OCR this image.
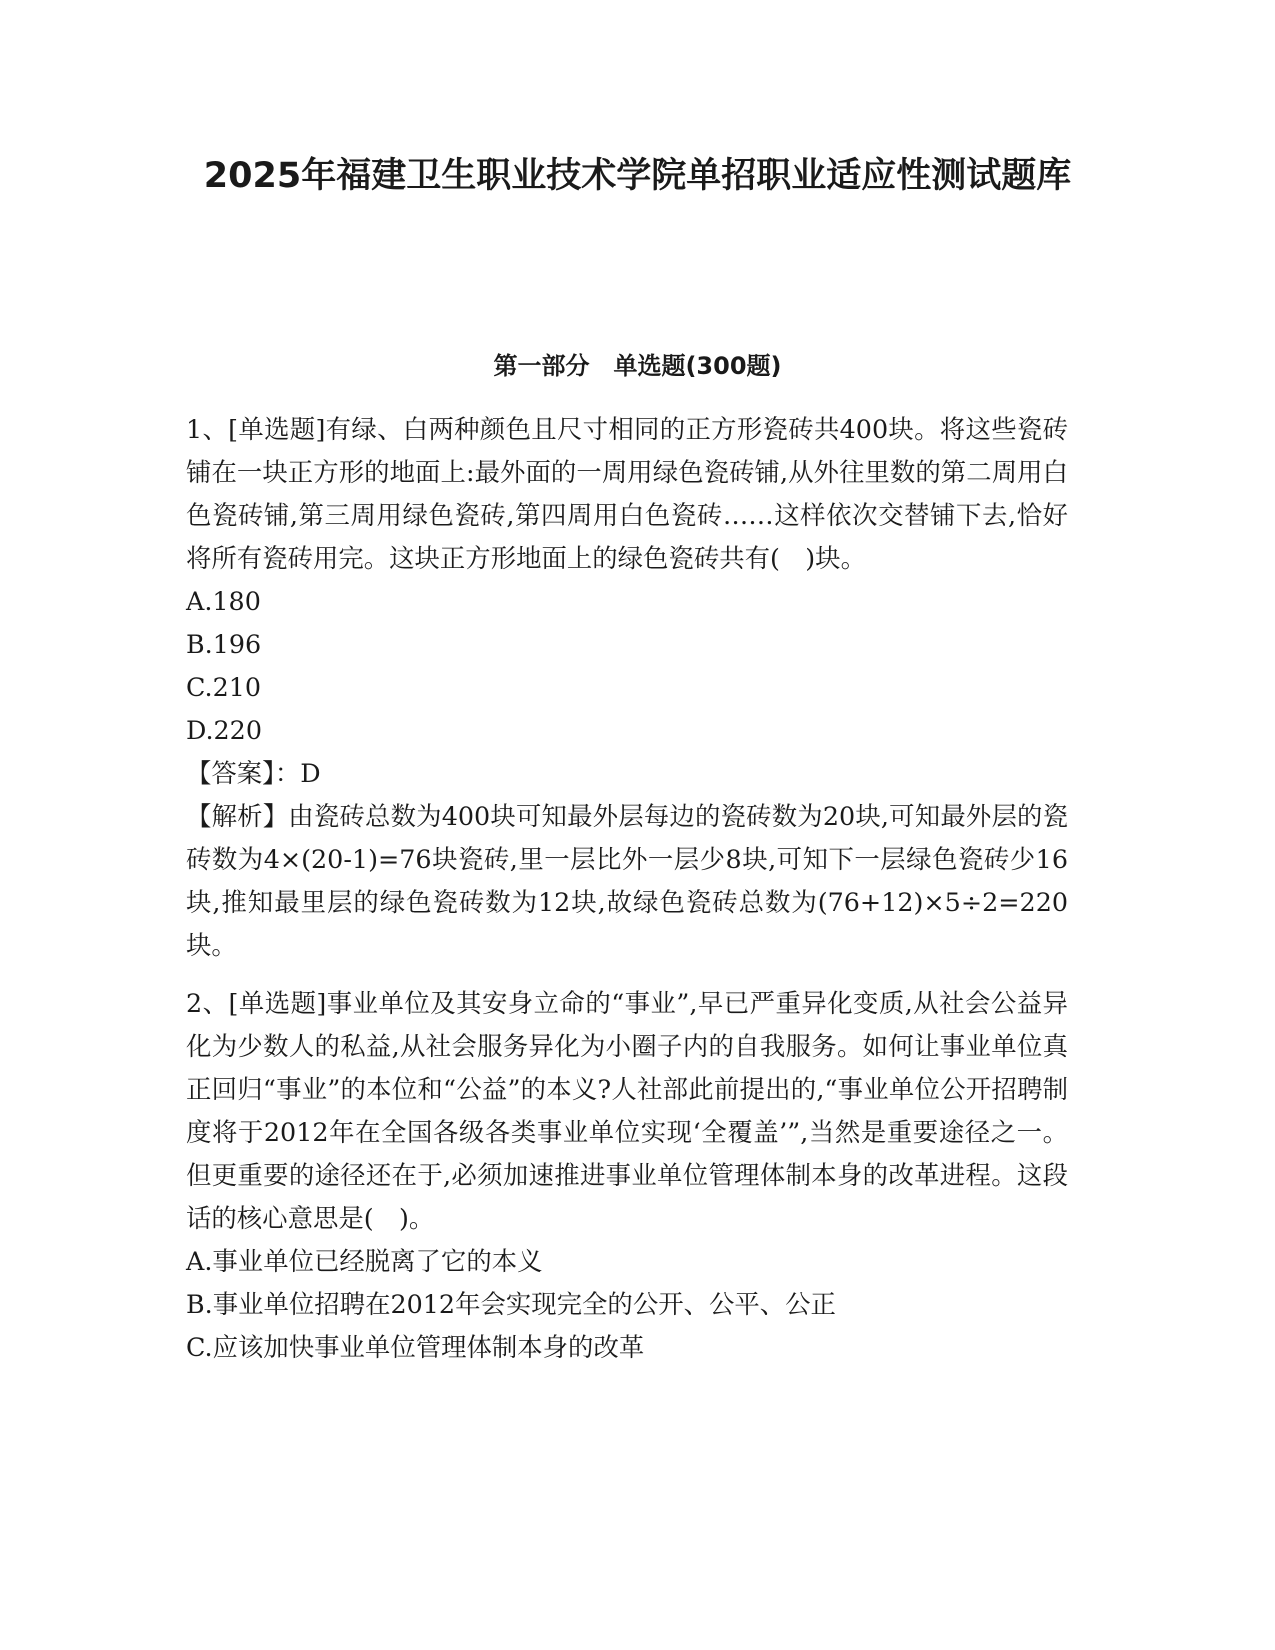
2025年福建卫生职业技术学院单招职业适应性测试题库
第一部分　单选题(300题)

1、[单选题]有绿、白两种颜色且尺寸相同的正方形瓷砖共400块。将这些瓷砖铺在一块正方形的地面上:最外面的一周用绿色瓷砖铺,从外往里数的第二周用白色瓷砖铺,第三周用绿色瓷砖,第四周用白色瓷砖……这样依次交替铺下去,恰好将所有瓷砖用完。这块正方形地面上的绿色瓷砖共有(　)块。

A.180

B.196

C.210

D.220

【答案】：D

【解析】由瓷砖总数为400块可知最外层每边的瓷砖数为20块,可知最外层的瓷砖数为4×(20-1)=76块瓷砖,里一层比外一层少8块,可知下一层绿色瓷砖少16块,推知最里层的绿色瓷砖数为12块,故绿色瓷砖总数为(76+12)×5÷2=220块。

2、[单选题]事业单位及其安身立命的“事业”,早已严重异化变质,从社会公益异化为少数人的私益,从社会服务异化为小圈子内的自我服务。如何让事业单位真正回归“事业”的本位和“公益”的本义?人社部此前提出的,“事业单位公开招聘制度将于2012年在全国各级各类事业单位实现‘全覆盖’”,当然是重要途径之一。但更重要的途径还在于,必须加速推进事业单位管理体制本身的改革进程。这段话的核心意思是(　)。

A.事业单位已经脱离了它的本义

B.事业单位招聘在2012年会实现完全的公开、公平、公正

C.应该加快事业单位管理体制本身的改革
